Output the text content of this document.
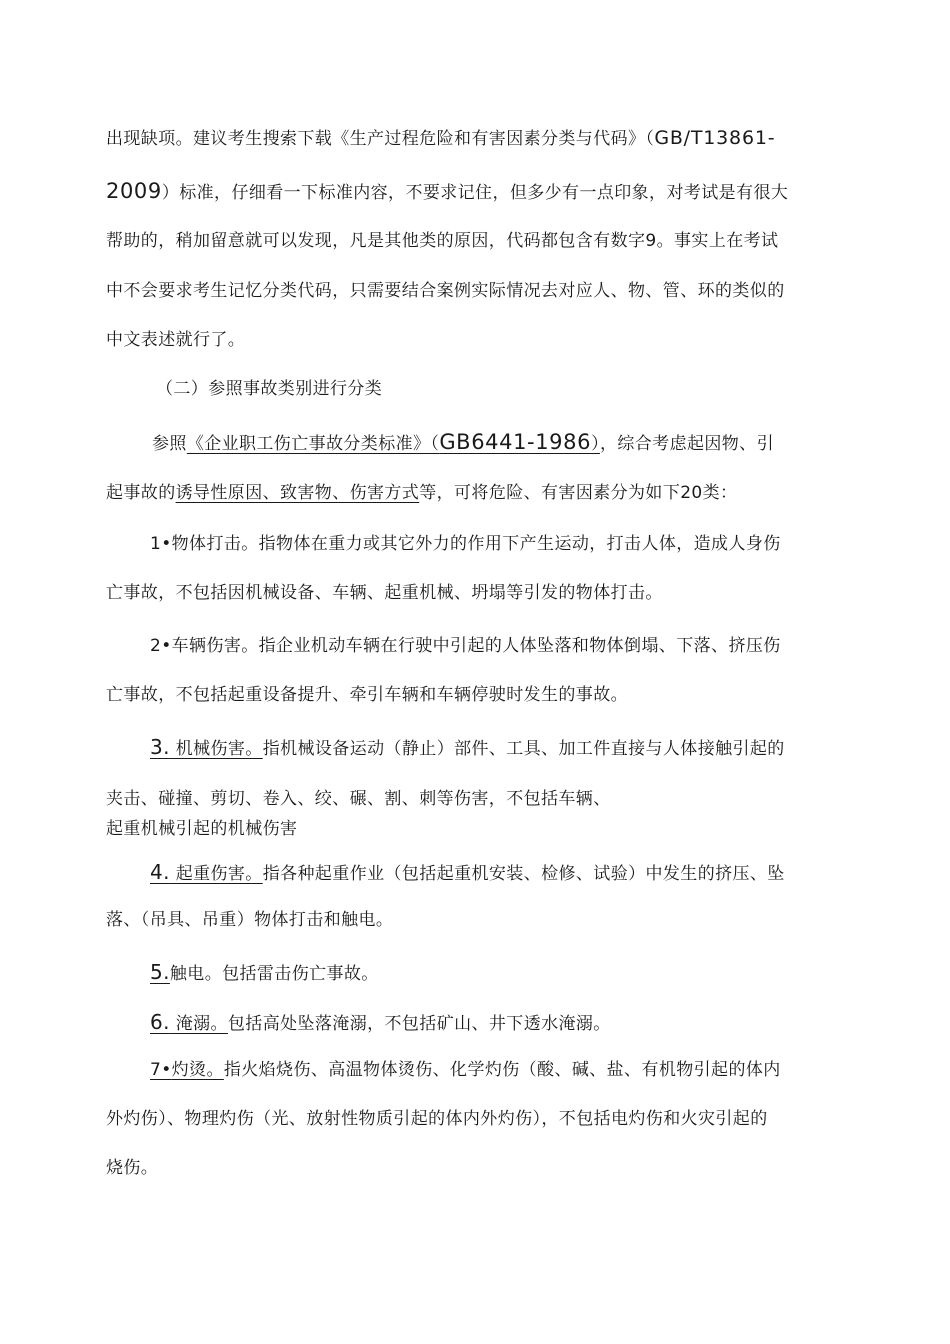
出现缺项。建议考生搜索下载《生产过程危险和有害因素分类与代码》（GB/T13861-
2009）标准，仔细看一下标准内容，不要求记住，但多少有一点印象，对考试是有很大
帮助的，稍加留意就可以发现，凡是其他类的原因，代码都包含有数字9。事实上在考试
中不会要求考生记忆分类代码，只需要结合案例实际情况去对应人、物、管、环的类似的
中文表述就行了。
（二）参照事故类别进行分类
参照《企业职工伤亡事故分类标准》（GB6441-1986），综合考虑起因物、引
起事故的诱导性原因、致害物、伤害方式等，可将危险、有害因素分为如下20类：
1•物体打击。指物体在重力或其它外力的作用下产生运动，打击人体，造成人身伤
亡事故，不包括因机械设备、车辆、起重机械、坍塌等引发的物体打击。
2•车辆伤害。指企业机动车辆在行驶中引起的人体坠落和物体倒塌、下落、挤压伤
亡事故，不包括起重设备提升、牵引车辆和车辆停驶时发生的事故。
3. 机械伤害。指机械设备运动（静止）部件、工具、加工件直接与人体接触引起的
夹击、碰撞、剪切、卷入、绞、碾、割、刺等伤害，不包括车辆、
起重机械引起的机械伤害
4. 起重伤害。指各种起重作业（包括起重机安装、检修、试验）中发生的挤压、坠
落、（吊具、吊重）物体打击和触电。
5.触电。包括雷击伤亡事故。
6. 淹溺。包括高处坠落淹溺，不包括矿山、井下透水淹溺。
7•灼烫。指火焰烧伤、高温物体烫伤、化学灼伤（酸、碱、盐、有机物引起的体内
外灼伤）、物理灼伤（光、放射性物质引起的体内外灼伤），不包括电灼伤和火灾引起的
烧伤。
